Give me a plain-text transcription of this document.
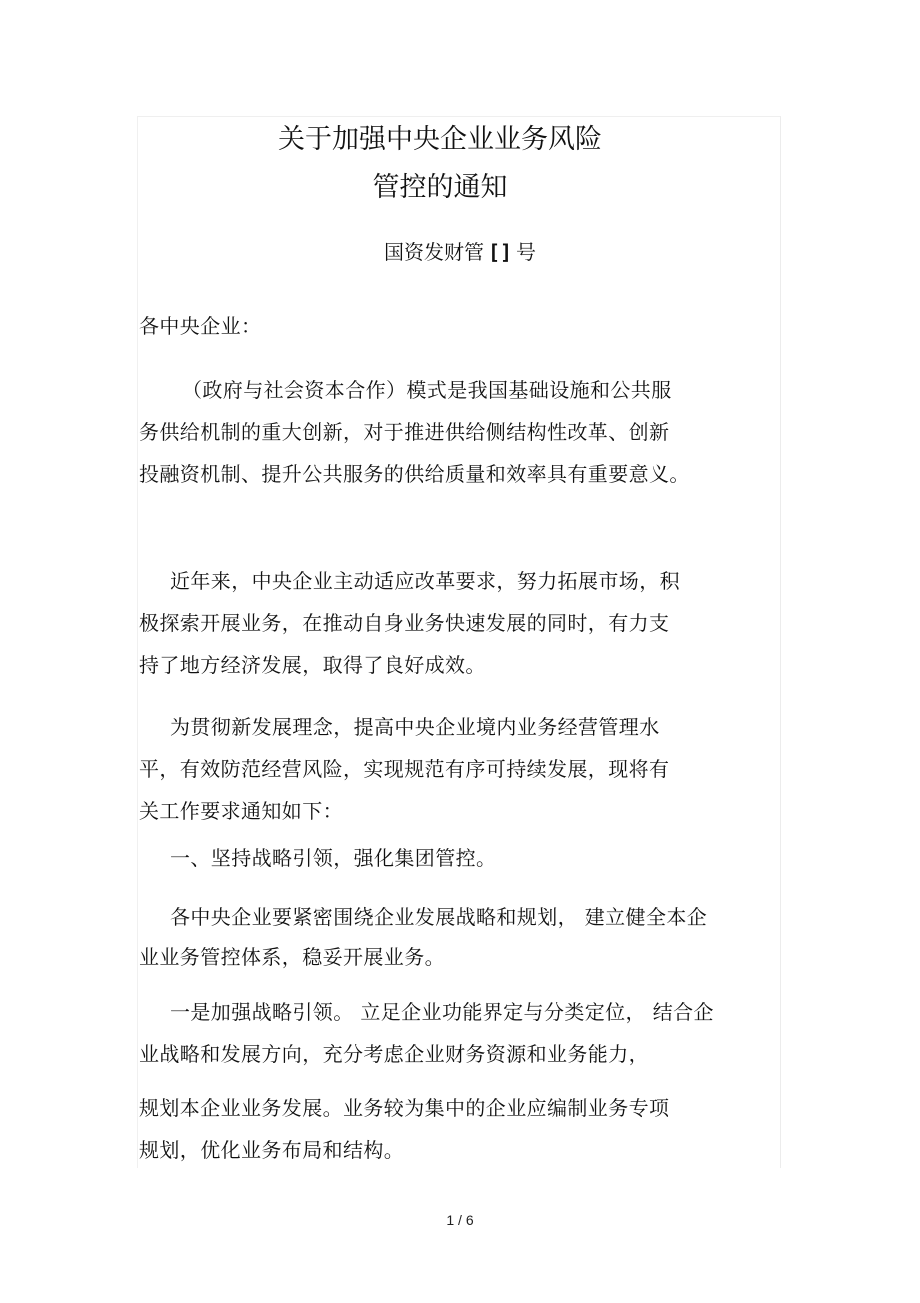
关于加强中央企业业务风险
管控的通知
国资发财管 [] 号
各中央企业：
（政府与社会资本合作）模式是我国基础设施和公共服
务供给机制的重大创新，对于推进供给侧结构性改革、创新
投融资机制、提升公共服务的供给质量和效率具有重要意义。
近年来，中央企业主动适应改革要求，努力拓展市场，积
极探索开展业务，在推动自身业务快速发展的同时，有力支
持了地方经济发展，取得了良好成效。
为贯彻新发展理念，提高中央企业境内业务经营管理水
平，有效防范经营风险，实现规范有序可持续发展，现将有
关工作要求通知如下：
一、坚持战略引领，强化集团管控。
各中央企业要紧密围绕企业发展战略和规划， 建立健全本企
业业务管控体系，稳妥开展业务。
一是加强战略引领。 立足企业功能界定与分类定位， 结合企
业战略和发展方向，充分考虑企业财务资源和业务能力，
规划本企业业务发展。业务较为集中的企业应编制业务专项
规划，优化业务布局和结构。
1 / 6
